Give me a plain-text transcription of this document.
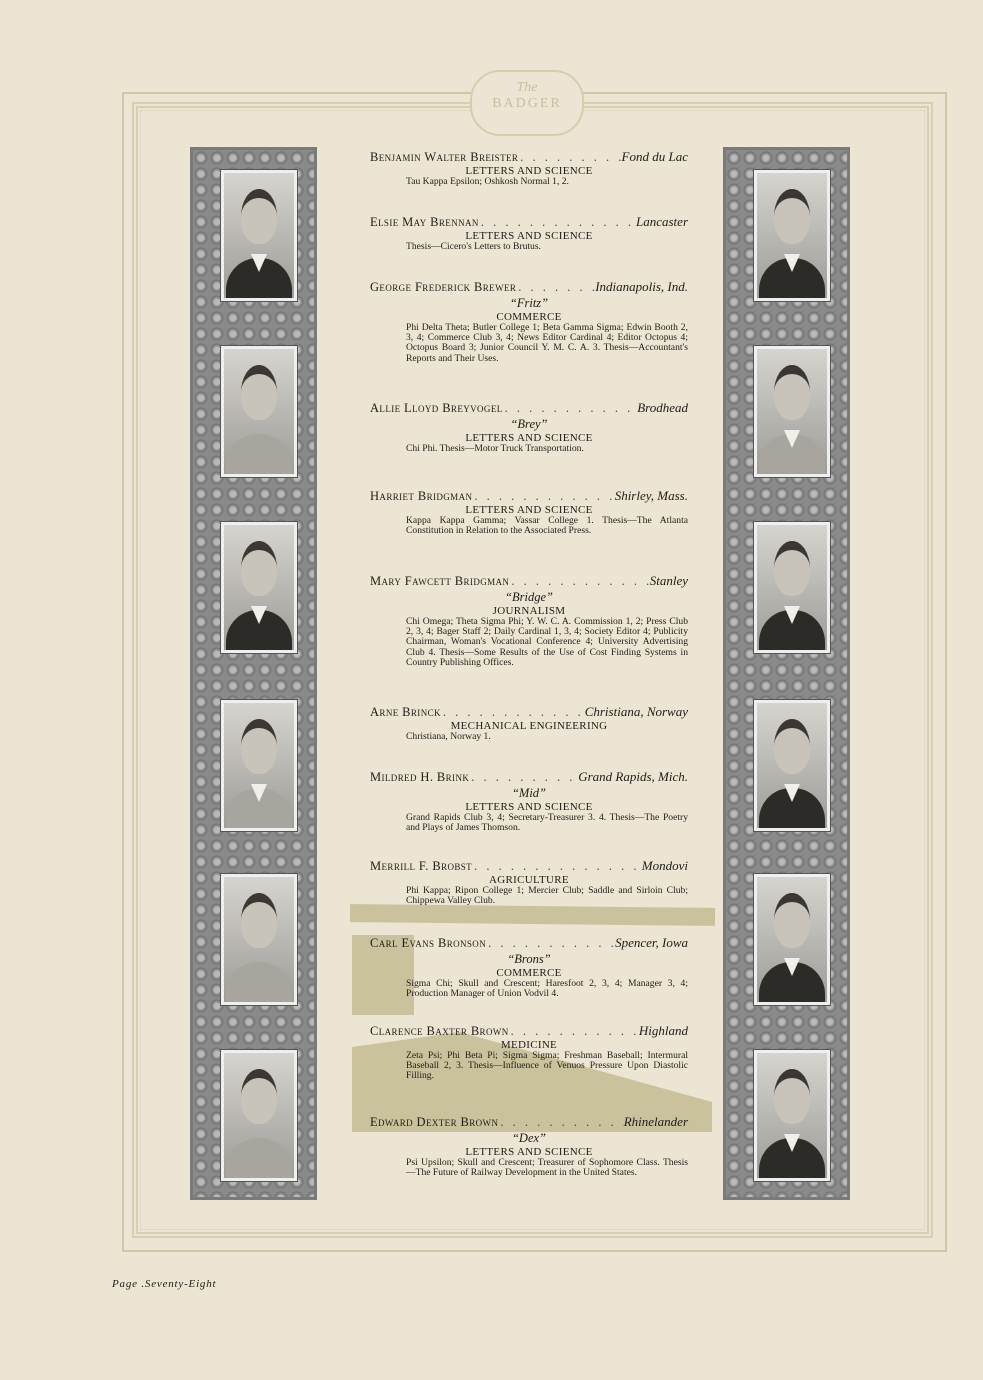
The
BADGER
Benjamin Walter Breister . . .	Fond du Lac
LETTERS AND SCIENCE
Tau Kappa Epsilon; Oshkosh Normal 1, 2.
Elsie May Brennan . . .	Lancaster
LETTERS AND SCIENCE
Thesis—Cicero's Letters to Brutus.
George Frederick Brewer . . .	Indianapolis, Ind.
“Fritz”
COMMERCE
Phi Delta Theta; Butler College 1; Beta Gamma Sigma; Edwin Booth 2, 3, 4; Commerce Club 3, 4; News Editor Cardinal 4; Editor Octopus 4; Octopus Board 3; Junior Council Y. M. C. A. 3. Thesis—Accountant's Reports and Their Uses.
Allie Lloyd Breyvogel . . .	Brodhead
“Brey”
LETTERS AND SCIENCE
Chi Phi. Thesis—Motor Truck Transportation.
Harriet Bridgman . . .	Shirley, Mass.
LETTERS AND SCIENCE
Kappa Kappa Gamma; Vassar College 1. Thesis—The Atlanta Constitution in Relation to the Associated Press.
Mary Fawcett Bridgman . . .	Stanley
“Bridge”
JOURNALISM
Chi Omega; Theta Sigma Phi; Y. W. C. A. Commission 1, 2; Press Club 2, 3, 4; Bager Staff 2; Daily Cardinal 1, 3, 4; Society Editor 4; Publicity Chairman, Woman's Vocational Conference 4; University Advertising Club 4. Thesis—Some Results of the Use of Cost Finding Systems in Country Publishing Offices.
Arne Brinck . . .	Christiana, Norway
MECHANICAL ENGINEERING
Christiana, Norway 1.
Mildred H. Brink . . .	Grand Rapids, Mich.
“Mid”
LETTERS AND SCIENCE
Grand Rapids Club 3, 4; Secretary-Treasurer 3. 4. Thesis—The Poetry and Plays of James Thomson.
Merrill F. Brobst . . .	Mondovi
AGRICULTURE
Phi Kappa; Ripon College 1; Mercier Club; Saddle and Sirloin Club; Chippewa Valley Club.
Carl Evans Bronson . . .	Spencer, Iowa
“Brons”
COMMERCE
Sigma Chi; Skull and Crescent; Haresfoot 2, 3, 4; Manager 3, 4; Production Manager of Union Vodvil 4.
Clarence Baxter Brown . . .	Highland
MEDICINE
Zeta Psi; Phi Beta Pi; Sigma Sigma; Freshman Baseball; Intermural Baseball 2, 3. Thesis—Influence of Venuos Pressure Upon Diastolic Filling.
Edward Dexter Brown . . .	Rhinelander
“Dex”
LETTERS AND SCIENCE
Psi Upsilon; Skull and Crescent; Treasurer of Sophomore Class. Thesis—The Future of Railway Development in the United States.
Page .Seventy-Eight
